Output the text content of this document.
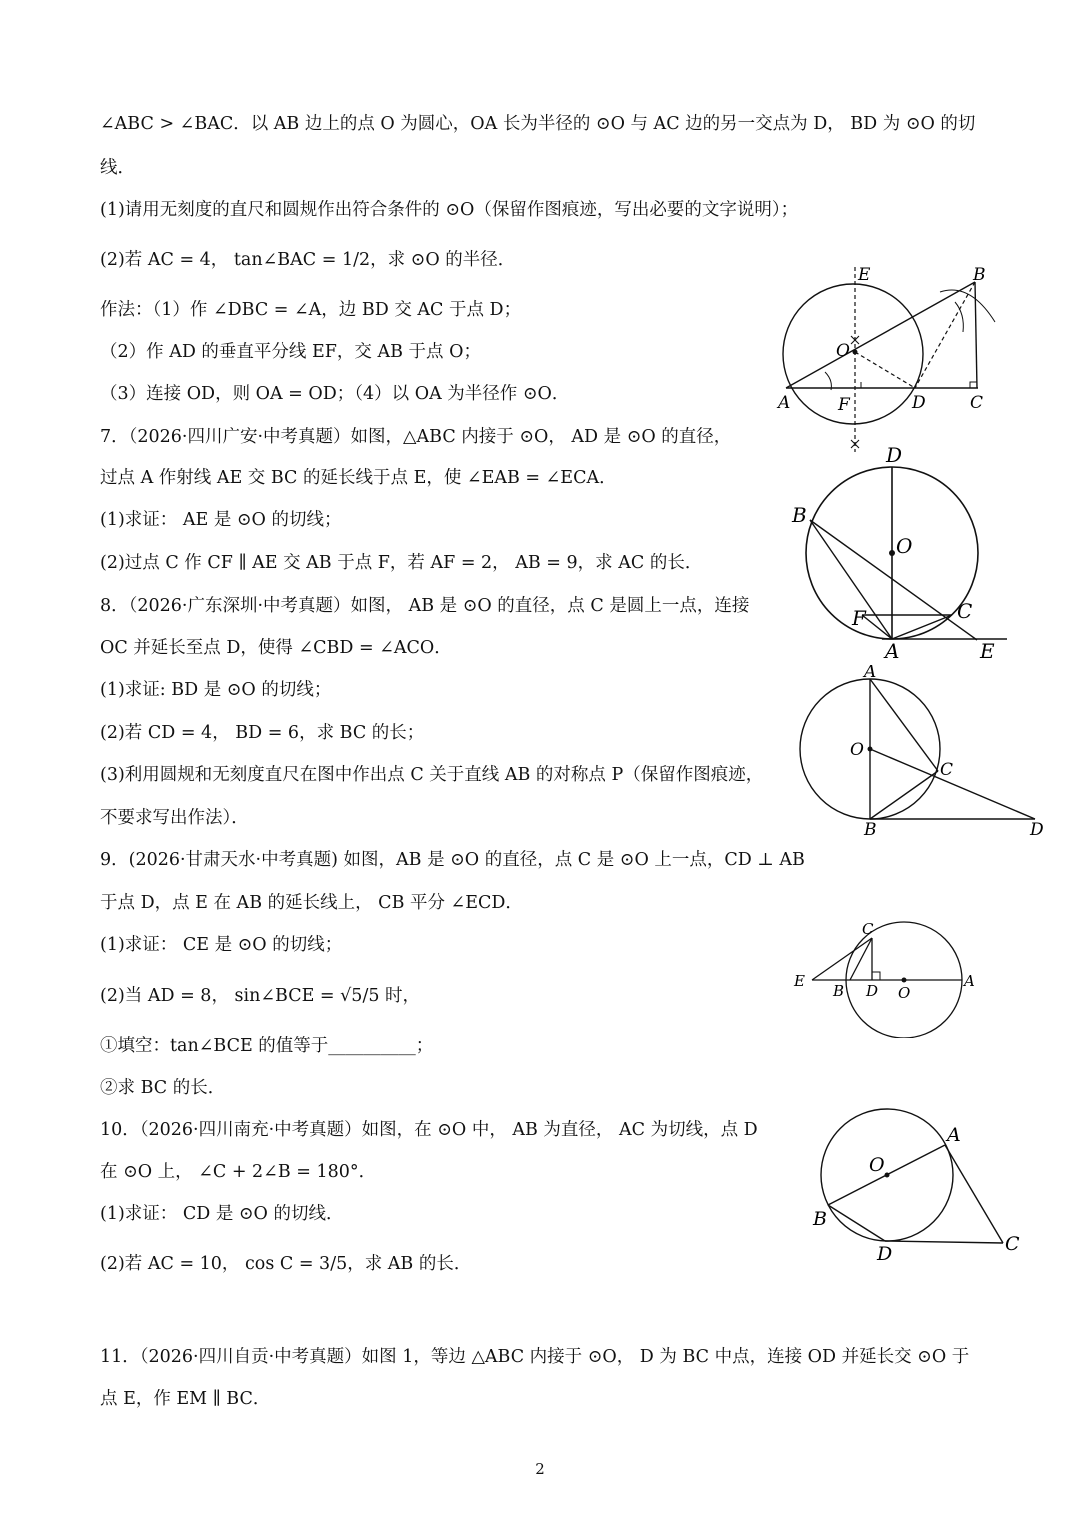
∠ABC > ∠BAC．以 AB 边上的点 O 为圆心，OA 长为半径的 ⊙O 与 AC 边的另一交点为 D， BD 为 ⊙O 的切
线．
(1)请用无刻度的直尺和圆规作出符合条件的 ⊙O（保留作图痕迹，写出必要的文字说明）；
(2)若 AC = 4， tan∠BAC = 1/2，求 ⊙O 的半径．
作法：（1）作 ∠DBC = ∠A，边 BD 交 AC 于点 D；
（2）作 AD 的垂直平分线 EF，交 AB 于点 O；
（3）连接 OD，则 OA = OD；（4）以 OA 为半径作 ⊙O．
7．（2026·四川广安·中考真题）如图，△ABC 内接于 ⊙O， AD 是 ⊙O 的直径，
过点 A 作射线 AE 交 BC 的延长线于点 E，使 ∠EAB = ∠ECA．
(1)求证： AE 是 ⊙O 的切线；
(2)过点 C 作 CF ∥ AE 交 AB 于点 F，若 AF = 2， AB = 9，求 AC 的长．
8．（2026·广东深圳·中考真题）如图， AB 是 ⊙O 的直径，点 C 是圆上一点，连接
OC 并延长至点 D，使得 ∠CBD = ∠ACO．
(1)求证: BD 是 ⊙O 的切线；
(2)若 CD = 4， BD = 6，求 BC 的长；
(3)利用圆规和无刻度直尺在图中作出点 C 关于直线 AB 的对称点 P（保留作图痕迹，
不要求写出作法）．
9．(2026·甘肃天水·中考真题) 如图，AB 是 ⊙O 的直径，点 C 是 ⊙O 上一点，CD ⊥ AB
于点 D，点 E 在 AB 的延长线上， CB 平分 ∠ECD．
(1)求证： CE 是 ⊙O 的切线；
(2)当 AD = 8， sin∠BCE = √5/5 时，
①填空：tan∠BCE 的值等于__________；
②求 BC 的长．
10．（2026·四川南充·中考真题）如图，在 ⊙O 中， AB 为直径， AC 为切线，点 D
在 ⊙O 上， ∠C + 2∠B = 180°．
(1)求证： CD 是 ⊙O 的切线．
(2)若 AC = 10， cos C = 3/5，求 AB 的长．
11．（2026·四川自贡·中考真题）如图 1，等边 △ABC 内接于 ⊙O， D 为 BC 中点，连接 OD 并延长交 ⊙O 于
点 E，作 EM ∥ BC．
E	B
O
A	F	D	C
D
B
O
F	C
A	E
A
O
C
B	D
C
E
B D O
A
A
O
B
D	C
2
